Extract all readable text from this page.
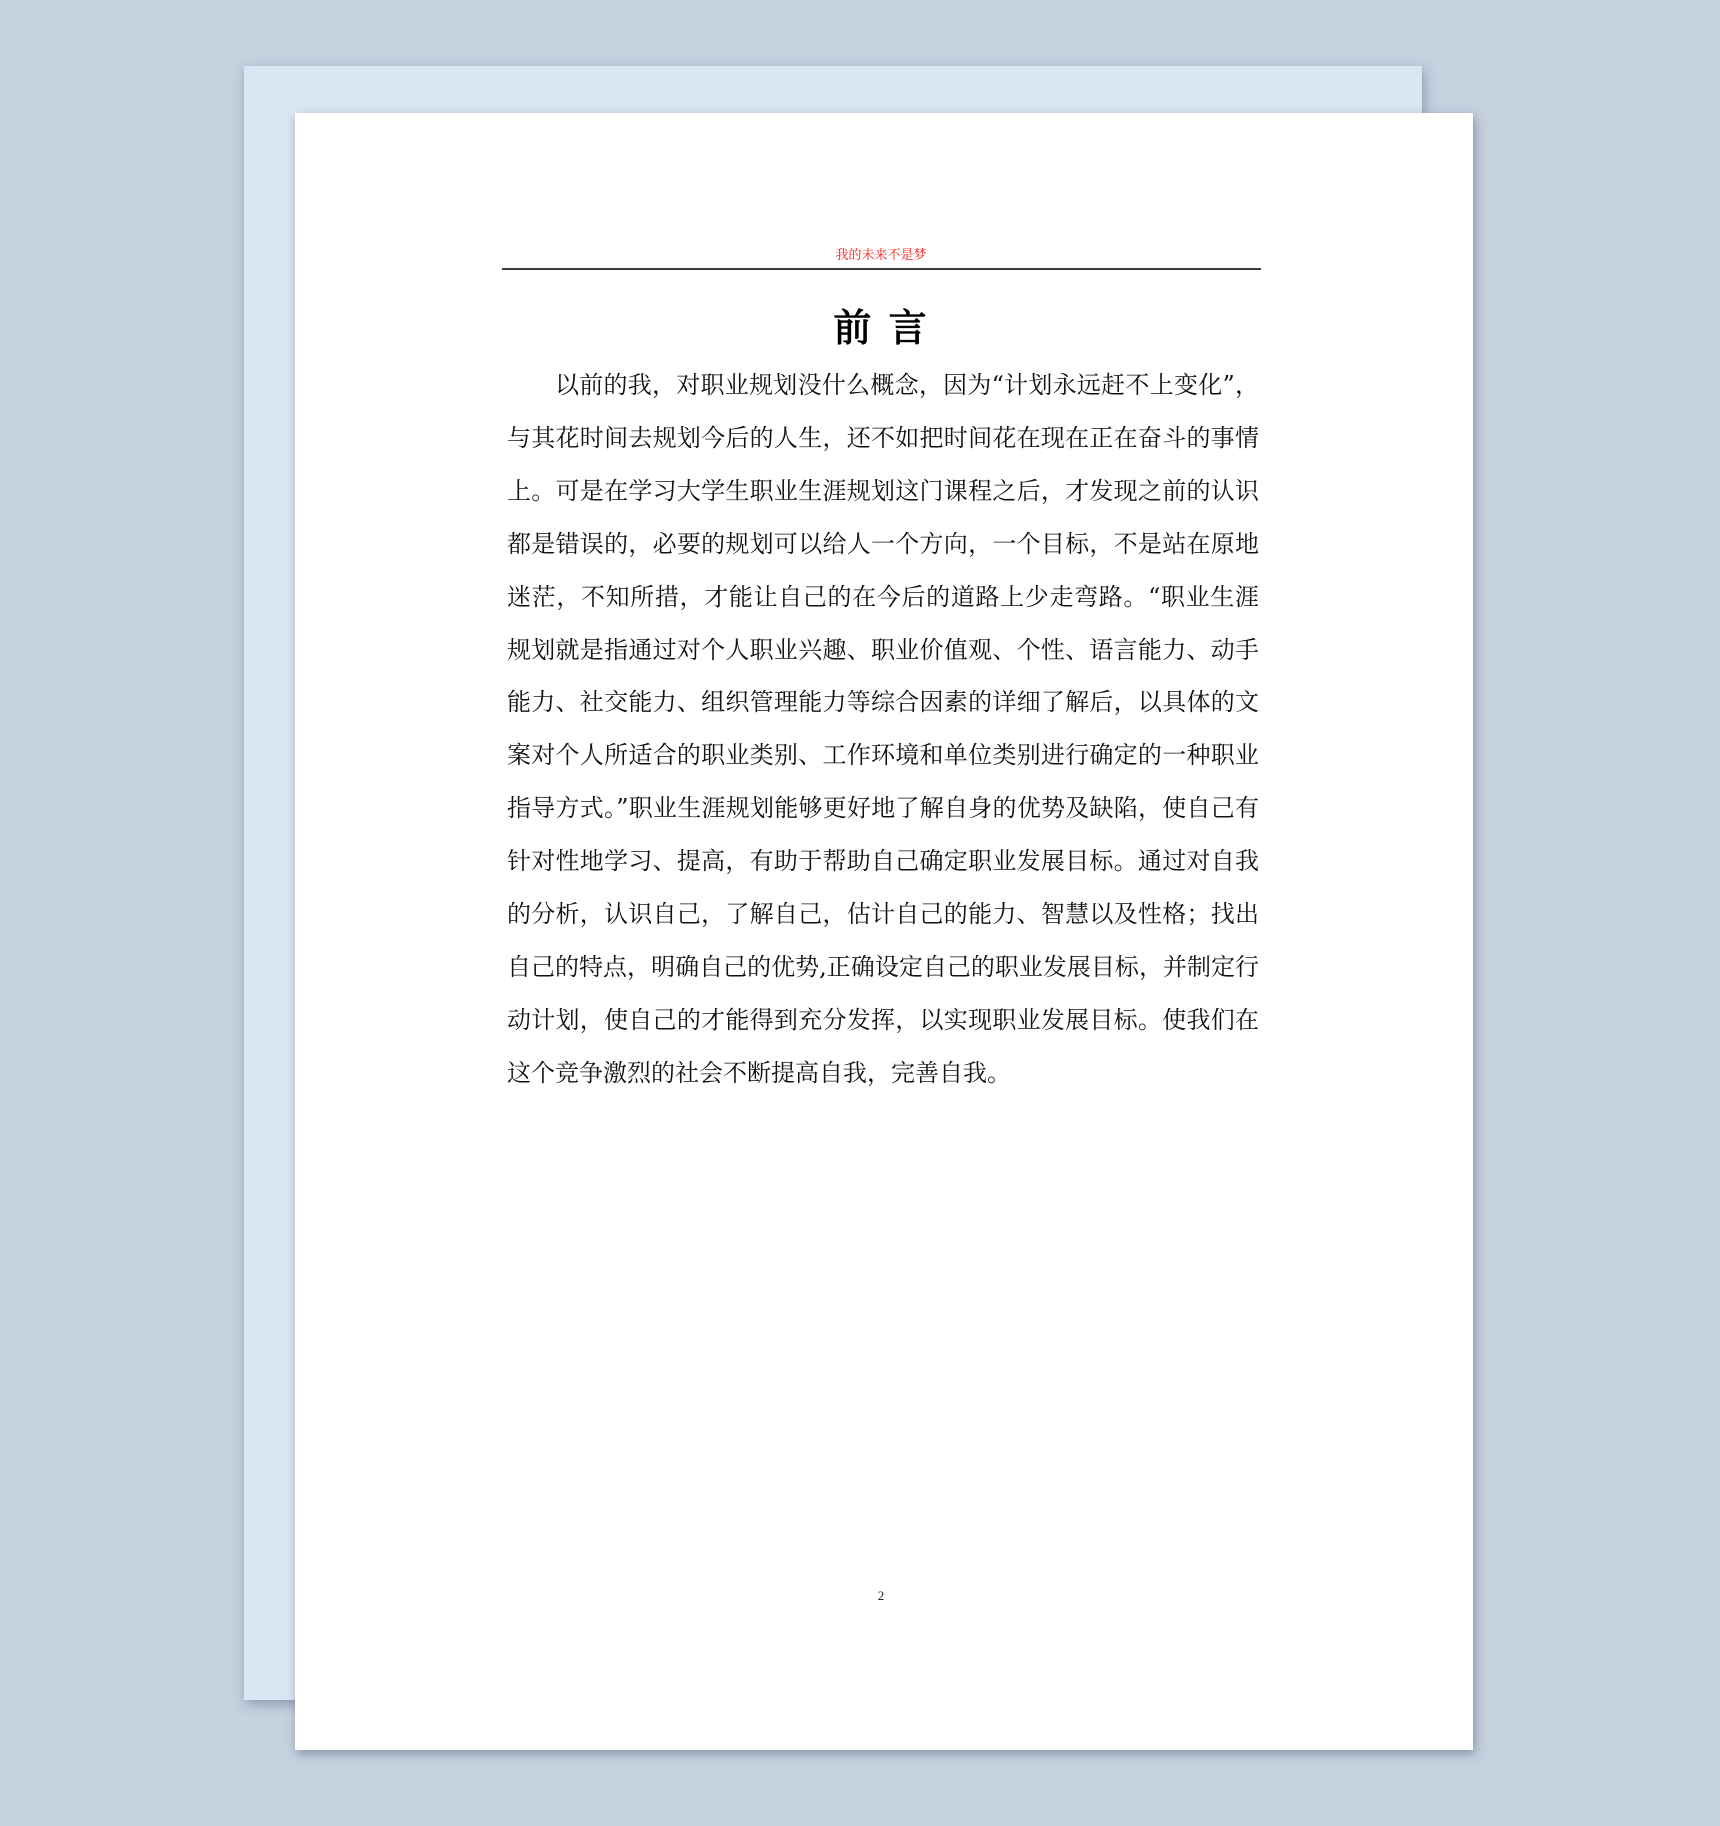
我的未来不是梦
前 言

以前的我，对职业规划没什么概念，因为“计划永远赶不上变化”，与其花时间去规划今后的人生，还不如把时间花在现在正在奋斗的事情上。可是在学习大学生职业生涯规划这门课程之后，才发现之前的认识都是错误的，必要的规划可以给人一个方向，一个目标，不是站在原地迷茫，不知所措，才能让自己的在今后的道路上少走弯路。“职业生涯规划就是指通过对个人职业兴趣、职业价值观、个性、语言能力、动手能力、社交能力、组织管理能力等综合因素的详细了解后，以具体的文案对个人所适合的职业类别、工作环境和单位类别进行确定的一种职业指导方式。”职业生涯规划能够更好地了解自身的优势及缺陷，使自己有针对性地学习、提高，有助于帮助自己确定职业发展目标。通过对自我的分析，认识自己，了解自己，估计自己的能力、智慧以及性格；找出自己的特点，明确自己的优势,正确设定自己的职业发展目标，并制定行动计划，使自己的才能得到充分发挥，以实现职业发展目标。使我们在这个竞争激烈的社会不断提高自我，完善自我。

2
